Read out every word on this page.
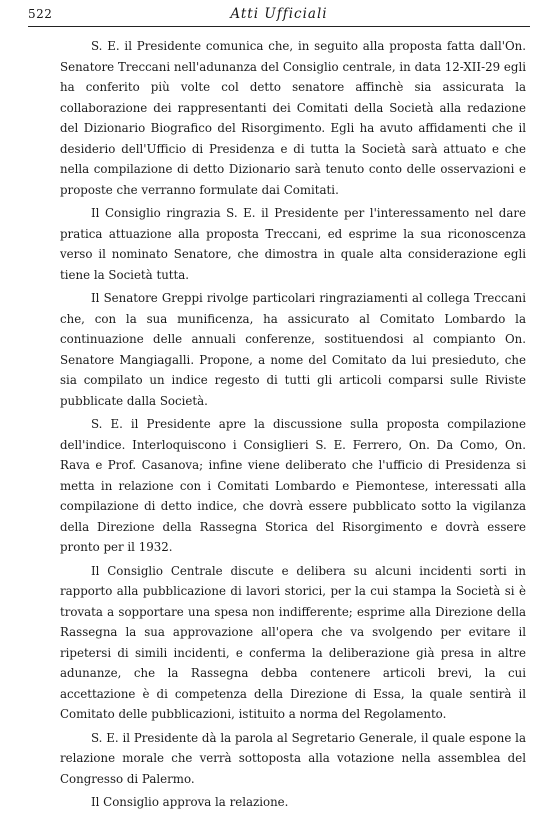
522	Atti Ufficiali

S. E. il Presidente comunica che, in seguito alla proposta fatta dall'On. Senatore Treccani nell'adunanza del Consiglio centrale, in data 12-XII-29 egli ha conferito più volte col detto senatore affinchè sia assicurata la collaborazione dei rappresentanti dei Comitati della Società alla redazione del Dizionario Biografico del Risorgimento. Egli ha avuto affidamenti che il desiderio dell'Ufficio di Presidenza e di tutta la Società sarà attuato e che nella compilazione di detto Dizionario sarà tenuto conto delle osservazioni e proposte che verranno formulate dai Comitati.

Il Consiglio ringrazia S. E. il Presidente per l'interessamento nel dare pratica attuazione alla proposta Treccani, ed esprime la sua riconoscenza verso il nominato Senatore, che dimostra in quale alta considerazione egli tiene la Società tutta.

Il Senatore Greppi rivolge particolari ringraziamenti al collega Treccani che, con la sua munificenza, ha assicurato al Comitato Lombardo la continuazione delle annuali conferenze, sostituendosi al compianto On. Senatore Mangiagalli. Propone, a nome del Comitato da lui presieduto, che sia compilato un indice regesto di tutti gli articoli comparsi sulle Riviste pubblicate dalla Società.

S. E. il Presidente apre la discussione sulla proposta compilazione dell'indice. Interloquiscono i Consiglieri S. E. Ferrero, On. Da Como, On. Rava e Prof. Casanova; infine viene deliberato che l'ufficio di Presidenza si metta in relazione con i Comitati Lombardo e Piemontese, interessati alla compilazione di detto indice, che dovrà essere pubblicato sotto la vigilanza della Direzione della Rassegna Storica del Risorgimento e dovrà essere pronto per il 1932.

Il Consiglio Centrale discute e delibera su alcuni incidenti sorti in rapporto alla pubblicazione di lavori storici, per la cui stampa la Società si è trovata a sopportare una spesa non indifferente; esprime alla Direzione della Rassegna la sua approvazione all'opera che va svolgendo per evitare il ripetersi di simili incidenti, e conferma la deliberazione già presa in altre adunanze, che la Rassegna debba contenere articoli brevi, la cui accettazione è di competenza della Direzione di Essa, la quale sentirà il Comitato delle pubblicazioni, istituito a norma del Regolamento.

S. E. il Presidente dà la parola al Segretario Generale, il quale espone la relazione morale che verrà sottoposta alla votazione nella assemblea del Congresso di Palermo.

Il Consiglio approva la relazione.
